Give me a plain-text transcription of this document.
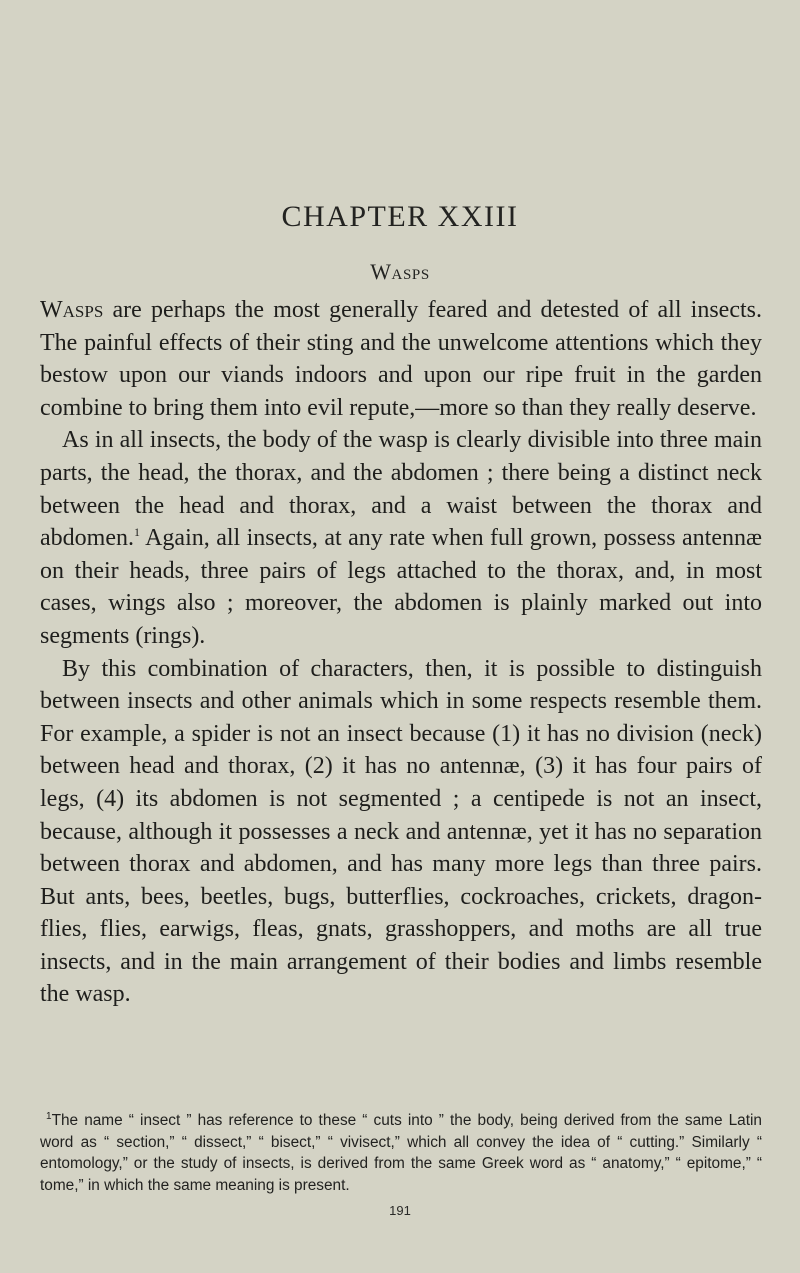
CHAPTER XXIII
Wasps

Wasps are perhaps the most generally feared and detested of all insects. The painful effects of their sting and the unwelcome attentions which they bestow upon our viands indoors and upon our ripe fruit in the garden combine to bring them into evil repute,—more so than they really deserve.

As in all insects, the body of the wasp is clearly divisible into three main parts, the head, the thorax, and the abdomen ; there being a distinct neck between the head and thorax, and a waist between the thorax and abdomen.$^1$ Again, all insects, at any rate when full grown, possess antennæ on their heads, three pairs of legs attached to the thorax, and, in most cases, wings also ; moreover, the abdomen is plainly marked out into segments (rings).

By this combination of characters, then, it is possible to distinguish between insects and other animals which in some respects resemble them. For example, a spider is not an insect because (1) it has no division (neck) between head and thorax, (2) it has no antennæ, (3) it has four pairs of legs, (4) its abdomen is not segmented ; a centipede is not an insect, because, although it possesses a neck and antennæ, yet it has no separation between thorax and abdomen, and has many more legs than three pairs. But ants, bees, beetles, bugs, butterflies, cockroaches, crickets, dragon-flies, flies, earwigs, fleas, gnats, grasshoppers, and moths are all true insects, and in the main arrangement of their bodies and limbs resemble the wasp.

$^1$The name “ insect ” has reference to these “ cuts into ” the body, being derived from the same Latin word as “ section,” “ dissect,” “ bisect,” “ vivisect,” which all convey the idea of “ cutting.” Similarly “ entomology,” or the study of insects, is derived from the same Greek word as “ anatomy,” “ epitome,” “ tome,” in which the same meaning is present.
191
